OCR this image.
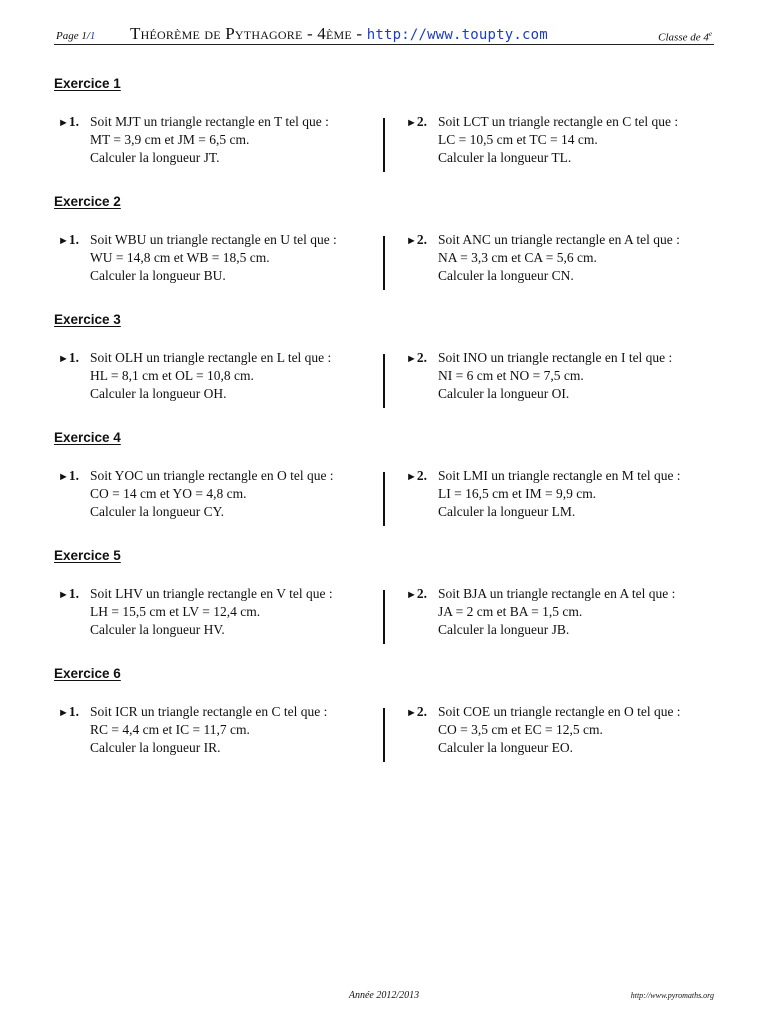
Page 1/1 Théorème de Pythagore - 4ème - http://www.toupty.com	Classe de 4e
Exercice 1
►1. Soit MJT un triangle rectangle en T tel que :
MT = 3,9 cm et JM = 6,5 cm.
Calculer la longueur JT.
►2. Soit LCT un triangle rectangle en C tel que :
LC = 10,5 cm et TC = 14 cm.
Calculer la longueur TL.
Exercice 2
►1. Soit WBU un triangle rectangle en U tel que :
WU = 14,8 cm et WB = 18,5 cm.
Calculer la longueur BU.
►2. Soit ANC un triangle rectangle en A tel que :
NA = 3,3 cm et CA = 5,6 cm.
Calculer la longueur CN.
Exercice 3
►1. Soit OLH un triangle rectangle en L tel que :
HL = 8,1 cm et OL = 10,8 cm.
Calculer la longueur OH.
►2. Soit INO un triangle rectangle en I tel que :
NI = 6 cm et NO = 7,5 cm.
Calculer la longueur OI.
Exercice 4
►1. Soit YOC un triangle rectangle en O tel que :
CO = 14 cm et YO = 4,8 cm.
Calculer la longueur CY.
►2. Soit LMI un triangle rectangle en M tel que :
LI = 16,5 cm et IM = 9,9 cm.
Calculer la longueur LM.
Exercice 5
►1. Soit LHV un triangle rectangle en V tel que :
LH = 15,5 cm et LV = 12,4 cm.
Calculer la longueur HV.
►2. Soit BJA un triangle rectangle en A tel que :
JA = 2 cm et BA = 1,5 cm.
Calculer la longueur JB.
Exercice 6
►1. Soit ICR un triangle rectangle en C tel que :
RC = 4,4 cm et IC = 11,7 cm.
Calculer la longueur IR.
►2. Soit COE un triangle rectangle en O tel que :
CO = 3,5 cm et EC = 12,5 cm.
Calculer la longueur EO.
Année 2012/2013	http://www.pyromaths.org
